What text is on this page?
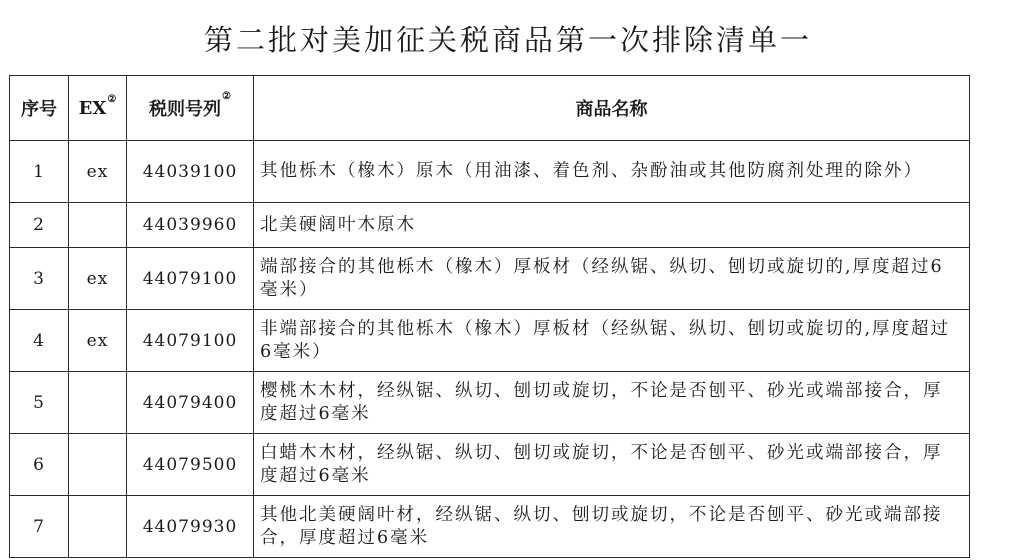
第二批对美加征关税商品第一次排除清单一
序号	EX②	税则号列②	商品名称
1	ex	44039100	其他栎木（橡木）原木（用油漆、着色剂、杂酚油或其他防腐剂处理的除外）
2		44039960	北美硬阔叶木原木
3	ex	44079100	端部接合的其他栎木（橡木）厚板材（经纵锯、纵切、刨切或旋切的,厚度超过6毫米）
4	ex	44079100	非端部接合的其他栎木（橡木）厚板材（经纵锯、纵切、刨切或旋切的,厚度超过6毫米）
5		44079400	樱桃木木材，经纵锯、纵切、刨切或旋切，不论是否刨平、砂光或端部接合，厚度超过6毫米
6		44079500	白蜡木木材，经纵锯、纵切、刨切或旋切，不论是否刨平、砂光或端部接合，厚度超过6毫米
7		44079930	其他北美硬阔叶材，经纵锯、纵切、刨切或旋切，不论是否刨平、砂光或端部接合，厚度超过6毫米
